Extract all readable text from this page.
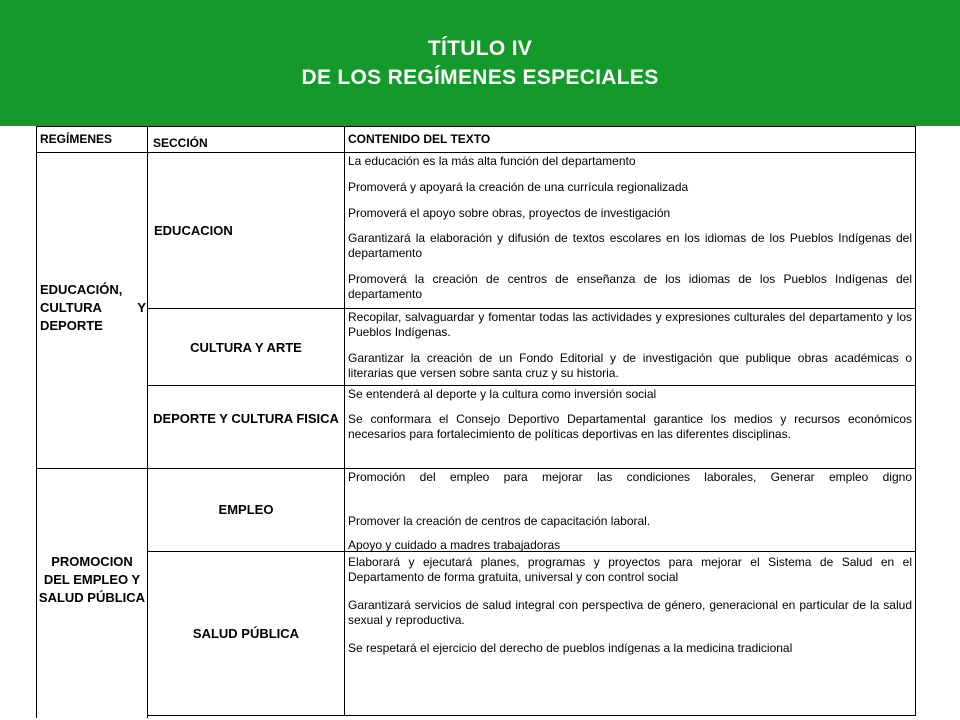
TÍTULO IV
DE LOS REGÍMENES ESPECIALES
REGÍMENES	SECCIÓN	CONTENIDO DEL TEXTO
EDUCACIÓN, CULTURA Y DEPORTE
EDUCACION
La educación es la más alta función del departamento
Promoverá y apoyará la creación de una currícula regionalizada
Promoverá el apoyo sobre obras, proyectos de investigación
Garantizará la elaboración y difusión de textos escolares en los idiomas de los Pueblos Indígenas del departamento
Promoverá la creación de centros de enseñanza de los idiomas de los Pueblos Indígenas del departamento
CULTURA Y ARTE
Recopilar, salvaguardar y fomentar todas las actividades y expresiones culturales del departamento y los Pueblos Indígenas.
Garantizar la creación de un Fondo Editorial y de investigación que publique obras académicas o literarias que versen sobre santa cruz y su historia.
DEPORTE Y CULTURA FISICA
Se entenderá al deporte y la cultura como inversión social
Se conformara el Consejo Deportivo Departamental garantice los medios y recursos económicos necesarios para fortalecimiento de políticas deportivas en las diferentes disciplinas.
PROMOCION DEL EMPLEO Y SALUD PÚBLICA
EMPLEO
Promoción del empleo para mejorar las condiciones laborales, Generar empleo digno
Promover la creación de centros de capacitación laboral.
Apoyo y cuidado a madres trabajadoras
SALUD PÚBLICA
Elaborará y ejecutará planes, programas y proyectos para mejorar el Sistema de Salud en el Departamento de forma gratuita, universal y con control social
Garantizará servicios de salud integral con perspectiva de género, generacional en particular de la salud sexual y reproductiva.
Se respetará el ejercicio del derecho de pueblos indígenas a la medicina tradicional
